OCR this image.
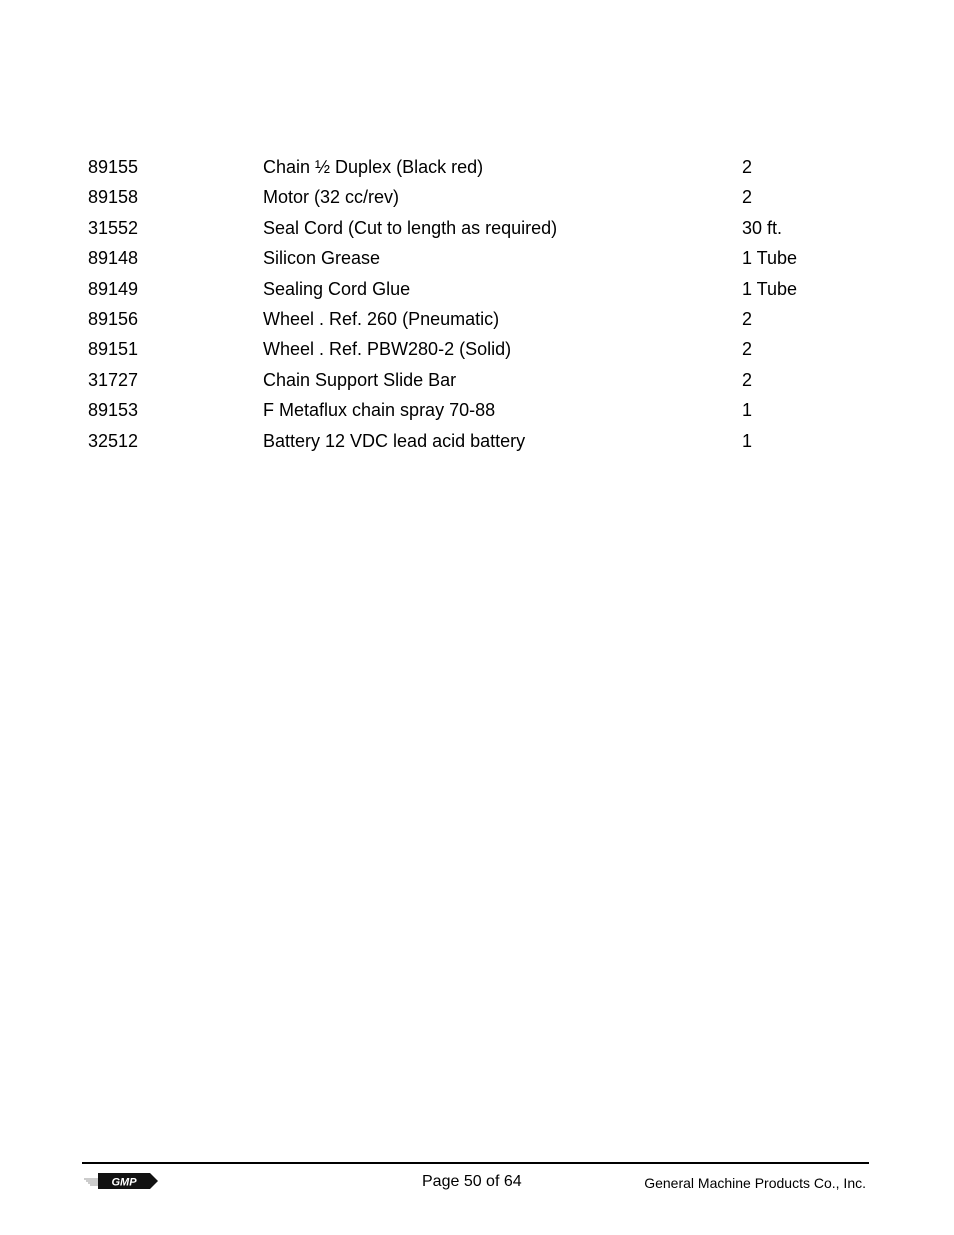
89155	Chain ½ Duplex (Black red)	2
89158	Motor (32 cc/rev)	2
31552	Seal Cord (Cut to length as required)	30 ft.
89148	Silicon Grease	1 Tube
89149	Sealing Cord Glue	1 Tube
89156	Wheel . Ref. 260 (Pneumatic)	2
89151	Wheel . Ref. PBW280-2 (Solid)	2
31727	Chain Support Slide Bar	2
89153	F Metaflux chain spray 70-88	1
32512	Battery 12 VDC lead acid battery	1
GMP	Page 50 of 64	General Machine Products Co., Inc.
